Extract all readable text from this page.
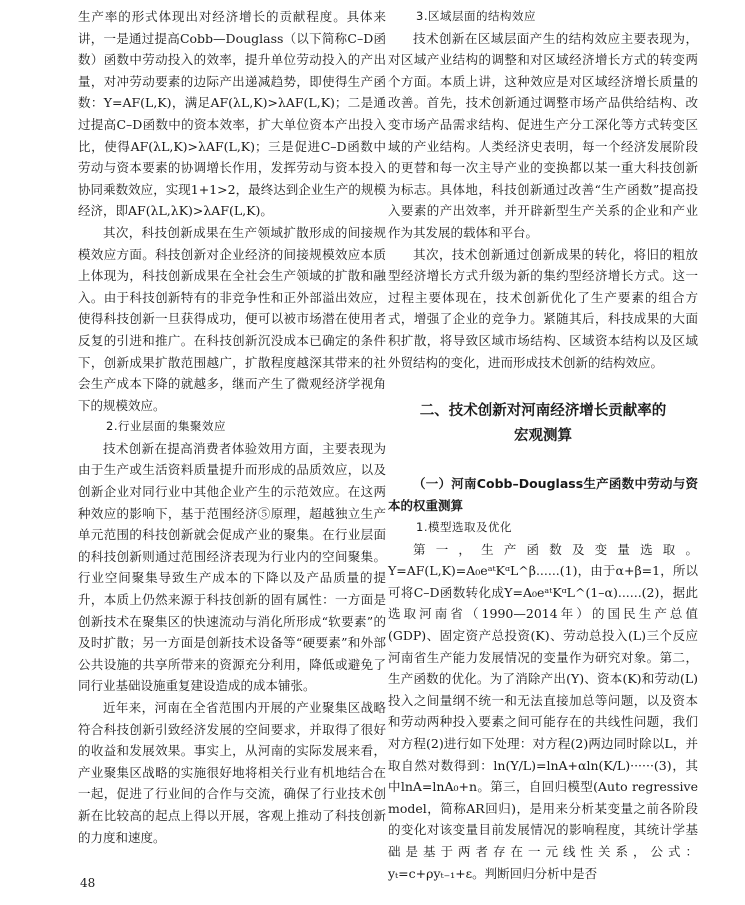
生产率的形式体现出对经济增长的贡献程度。具体来讲，一是通过提高Cobb—Douglass（以下简称C–D函数）函数中劳动投入的效率，提升单位劳动投入的产出量，对冲劳动要素的边际产出递减趋势，即使得生产函数：Y=AF(L,K)，满足AF(λL,K)>λAF(L,K)；二是通过提高C–D函数中的资本效率，扩大单位资本产出投入比，使得AF(λL,K)>λAF(L,K)；三是促进C–D函数中劳动与资本要素的协调增长作用，发挥劳动与资本投入协同乘数效应，实现1+1>2，最终达到企业生产的规模经济，即AF(λL,λK)>λAF(L,K)。

其次，科技创新成果在生产领域扩散形成的间接规模效应方面。科技创新对企业经济的间接规模效应本质上体现为，科技创新成果在全社会生产领域的扩散和融入。由于科技创新特有的非竞争性和正外部溢出效应，使得科技创新一旦获得成功，便可以被市场潜在使用者反复的引进和推广。在科技创新沉没成本已确定的条件下，创新成果扩散范围越广，扩散程度越深其带来的社会生产成本下降的就越多，继而产生了微观经济学视角下的规模效应。

2.行业层面的集聚效应

技术创新在提高消费者体验效用方面，主要表现为由于生产或生活资料质量提升而形成的品质效应，以及创新企业对同行业中其他企业产生的示范效应。在这两种效应的影响下，基于范围经济⑤原理，超越独立生产单元范围的科技创新就会促成产业的聚集。在行业层面的科技创新则通过范围经济表现为行业内的空间聚集。行业空间聚集导致生产成本的下降以及产品质量的提升，本质上仍然来源于科技创新的固有属性：一方面是创新技术在聚集区的快速流动与消化所形成“软要素”的及时扩散；另一方面是创新技术设备等“硬要素”和外部公共设施的共享所带来的资源充分利用，降低或避免了同行业基础设施重复建设造成的成本铺张。

近年来，河南在全省范围内开展的产业聚集区战略符合科技创新引致经济发展的空间要求，并取得了很好的收益和发展效果。事实上，从河南的实际发展来看，产业聚集区战略的实施很好地将相关行业有机地结合在一起，促进了行业间的合作与交流，确保了行业技术创新在比较高的起点上得以开展，客观上推动了科技创新的力度和速度。

3.区域层面的结构效应

技术创新在区域层面产生的结构效应主要表现为，对区域产业结构的调整和对区域经济增长方式的转变两个方面。本质上讲，这种效应是对区域经济增长质量的改善。首先，技术创新通过调整市场产品供给结构、改变市场产品需求结构、促进生产分工深化等方式转变区域的产业结构。人类经济史表明，每一个经济发展阶段的更替和每一次主导产业的变换都以某一重大科技创新为标志。具体地，科技创新通过改善“生产函数”提高投入要素的产出效率，并开辟新型生产关系的企业和产业作为其发展的载体和平台。

其次，技术创新通过创新成果的转化，将旧的粗放型经济增长方式升级为新的集约型经济增长方式。这一过程主要体现在，技术创新优化了生产要素的组合方式，增强了企业的竞争力。紧随其后，科技成果的大面积扩散，将导致区域市场结构、区域资本结构以及区域外贸结构的变化，进而形成技术创新的结构效应。

二、技术创新对河南经济增长贡献率的
宏观测算

（一）河南Cobb–Douglass生产函数中劳动与资本的权重测算

1.模型选取及优化

第一，生产函数及变量选取。Y=AF(L,K)=A₀eᵃᵗKᵅL^β......(1)，由于α+β=1，所以可将C–D函数转化成Y=A₀eᵃᵗKᵅL^(1–α)......(2)，据此选取河南省（1990—2014年）的国民生产总值(GDP)、固定资产总投资(K)、劳动总投入(L)三个反应河南省生产能力发展情况的变量作为研究对象。第二，生产函数的优化。为了消除产出(Y)、资本(K)和劳动(L)投入之间量纲不统一和无法直接加总等问题，以及资本和劳动两种投入要素之间可能存在的共线性问题，我们对方程(2)进行如下处理：对方程(2)两边同时除以L，并取自然对数得到：ln(Y/L)=lnA+αln(K/L)······(3)，其中lnA=lnA₀+n。第三，自回归模型(Auto regressive model，简称AR回归)，是用来分析某变量之前各阶段的变化对该变量目前发展情况的影响程度，其统计学基础是基于两者存在一元线性关系，公式：yₜ=c+ρyₜ₋₁+ε。判断回归分析中是否

48
